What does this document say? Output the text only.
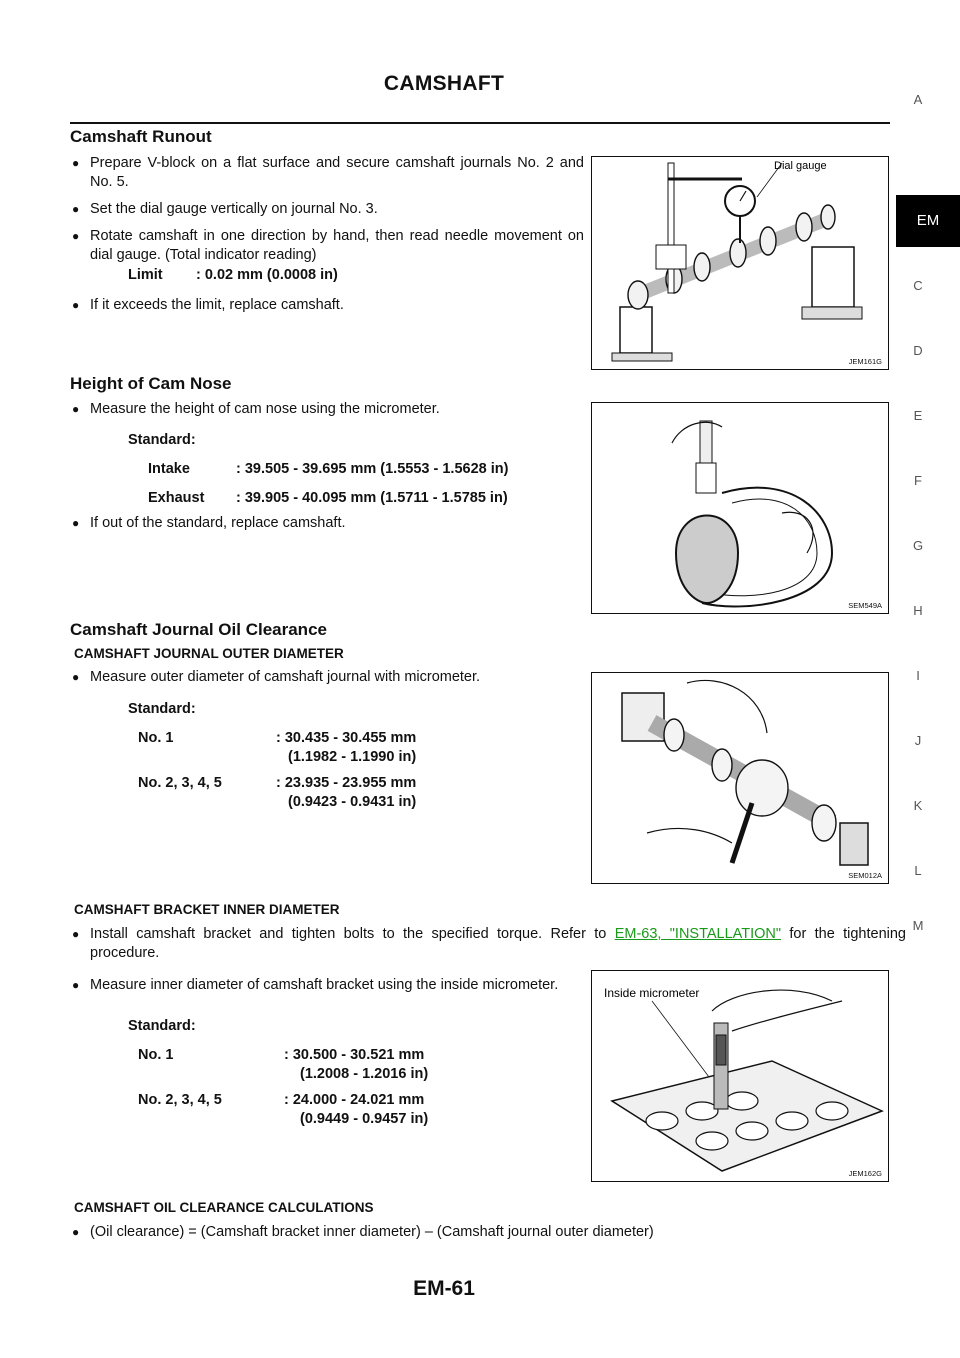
CAMSHAFT
A
EM
C
D
E
F
G
H
I
J
K
L
M
Camshaft Runout
● Prepare V-block on a flat surface and secure camshaft journals No. 2 and No. 5.
● Set the dial gauge vertically on journal No. 3.
● Rotate camshaft in one direction by hand, then read needle movement on dial gauge. (Total indicator reading)
Limit	: 0.02 mm (0.0008 in)
● If it exceeds the limit, replace camshaft.
Dial gauge
JEM161G
Height of Cam Nose
● Measure the height of cam nose using the micrometer.
Standard:
Intake	: 39.505 - 39.695 mm (1.5553 - 1.5628 in)
Exhaust	: 39.905 - 40.095 mm (1.5711 - 1.5785 in)
● If out of the standard, replace camshaft.
SEM549A
Camshaft Journal Oil Clearance
CAMSHAFT JOURNAL OUTER DIAMETER
● Measure outer diameter of camshaft journal with micrometer.
Standard:
No. 1	: 30.435 - 30.455 mm
(1.1982 - 1.1990 in)
No. 2, 3, 4, 5	: 23.935 - 23.955 mm
(0.9423 - 0.9431 in)
SEM012A
CAMSHAFT BRACKET INNER DIAMETER
● Install camshaft bracket and tighten bolts to the specified torque. Refer to EM-63, "INSTALLATION" for the tightening procedure.
● Measure inner diameter of camshaft bracket using the inside micrometer.
Standard:
No. 1	: 30.500 - 30.521 mm
(1.2008 - 1.2016 in)
No. 2, 3, 4, 5	: 24.000 - 24.021 mm
(0.9449 - 0.9457 in)
Inside micrometer
JEM162G
CAMSHAFT OIL CLEARANCE CALCULATIONS
● (Oil clearance) = (Camshaft bracket inner diameter) – (Camshaft journal outer diameter)
EM-61
